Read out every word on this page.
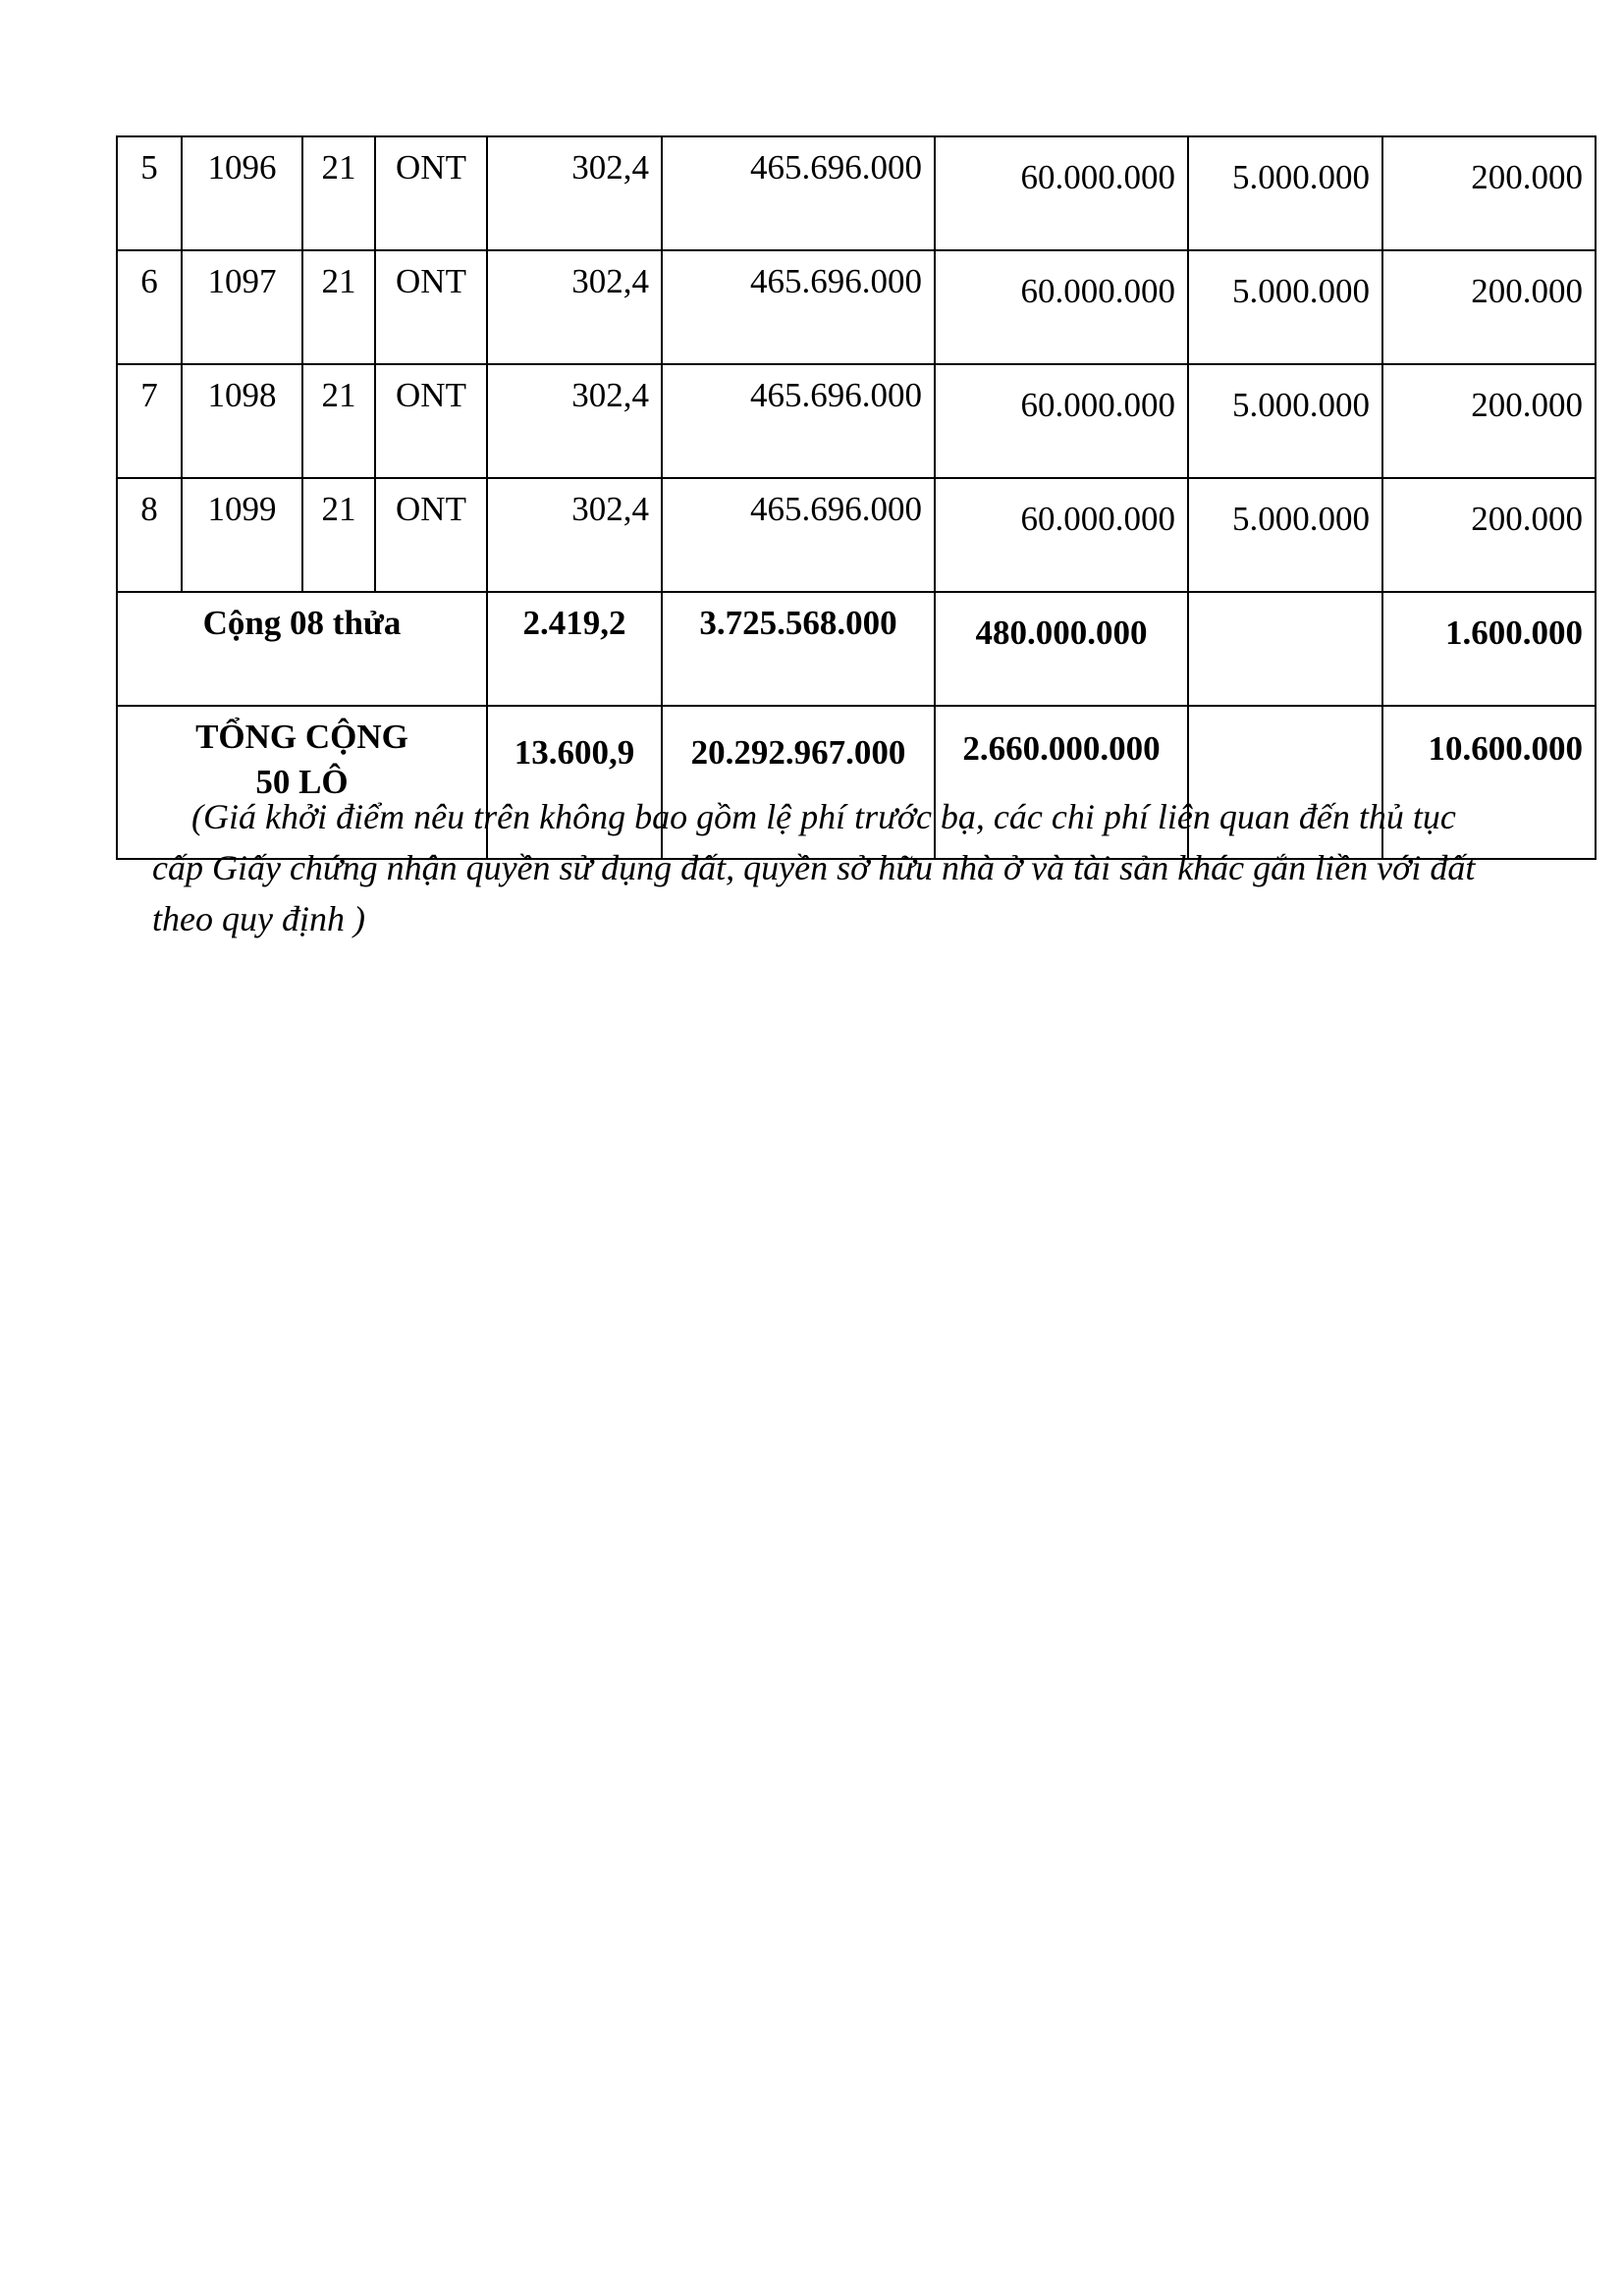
5	1096	21	ONT	302,4	465.696.000	60.000.000	5.000.000	200.000
6	1097	21	ONT	302,4	465.696.000	60.000.000	5.000.000	200.000
7	1098	21	ONT	302,4	465.696.000	60.000.000	5.000.000	200.000
8	1099	21	ONT	302,4	465.696.000	60.000.000	5.000.000	200.000
Cộng 08 thửa				2.419,2	3.725.568.000	480.000.000		1.600.000
TỔNG CỘNG
50 LÔ				13.600,9	20.292.967.000	2.660.000.000		10.600.000

(Giá khởi điểm nêu trên không bao gồm lệ phí trước bạ, các chi phí liên quan đến thủ tục cấp Giấy chứng nhận quyền sử dụng đất, quyền sở hữu nhà ở và tài sản khác gắn liền với đất theo quy định )
